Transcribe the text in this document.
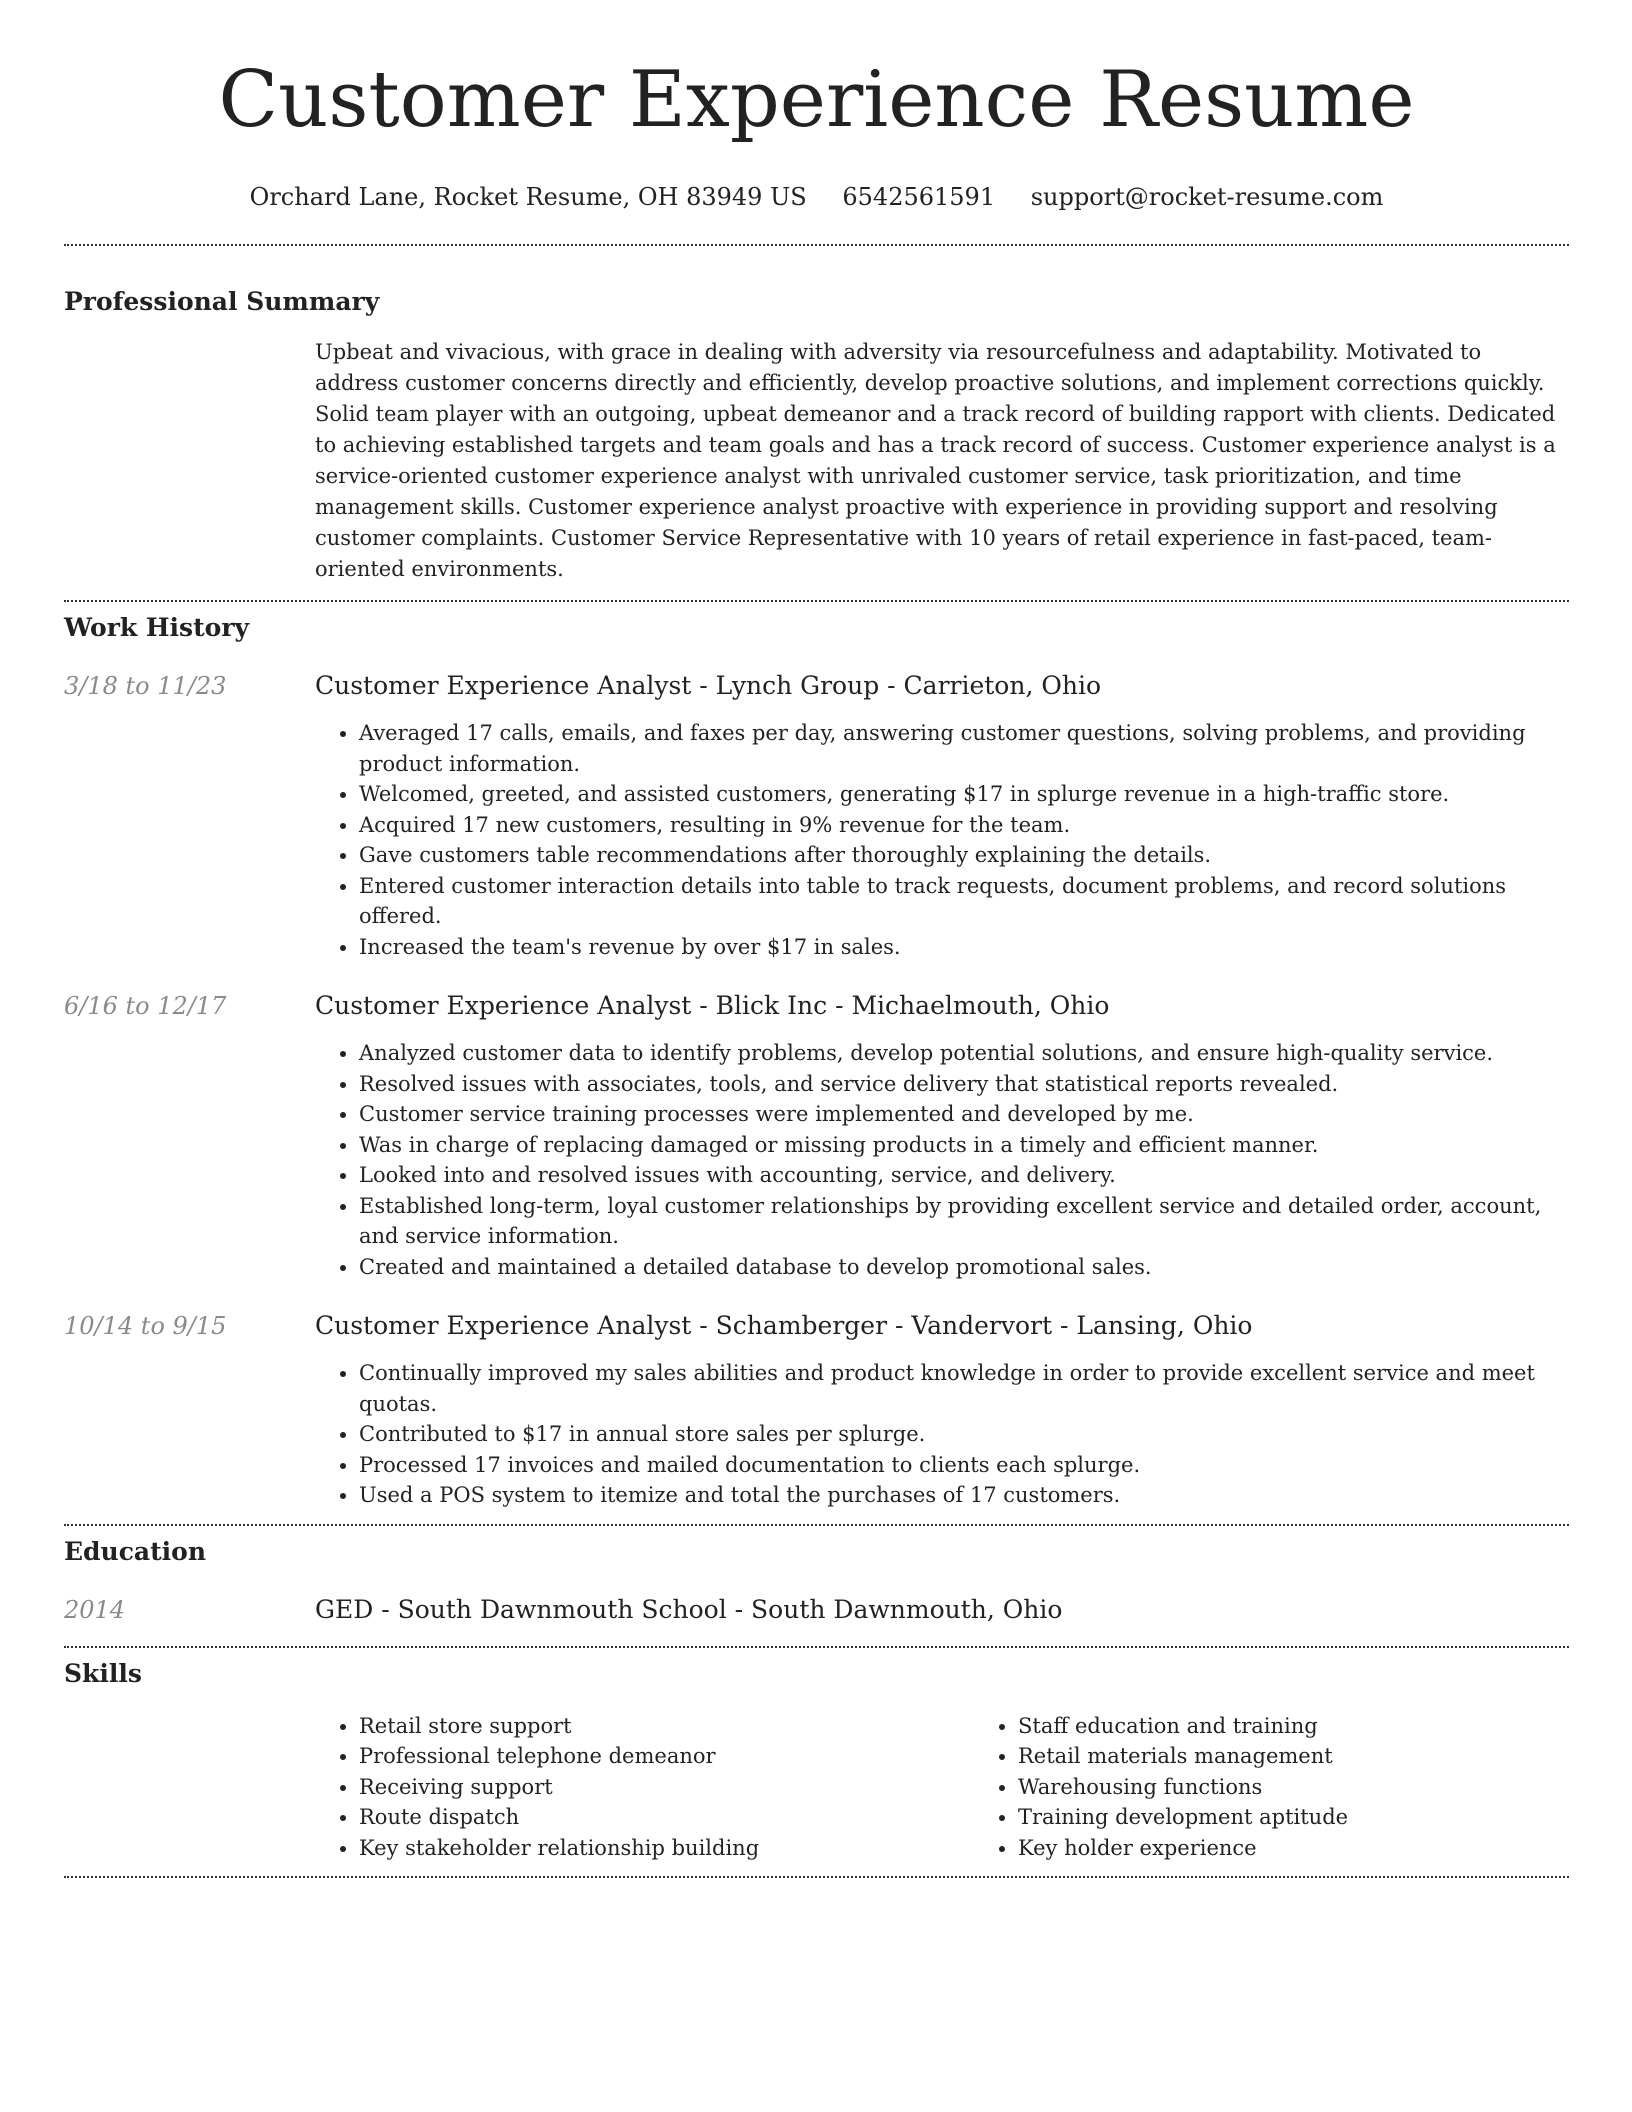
Customer Experience Resume
Orchard Lane, Rocket Resume, OH 83949 US 6542561591 support@rocket-resume.com
Professional Summary

Upbeat and vivacious, with grace in dealing with adversity via resourcefulness and adaptability. Motivated to address customer concerns directly and efficiently, develop proactive solutions, and implement corrections quickly. Solid team player with an outgoing, upbeat demeanor and a track record of building rapport with clients. Dedicated to achieving established targets and team goals and has a track record of success. Customer experience analyst is a service-oriented customer experience analyst with unrivaled customer service, task prioritization, and time management skills. Customer experience analyst proactive with experience in providing support and resolving customer complaints. Customer Service Representative with 10 years of retail experience in fast-paced, team-oriented environments.

Work History
3/18 to 11/23	Customer Experience Analyst - Lynch Group - Carrieton, Ohio
• Averaged 17 calls, emails, and faxes per day, answering customer questions, solving problems, and providing product information.
• Welcomed, greeted, and assisted customers, generating $17 in splurge revenue in a high-traffic store.
• Acquired 17 new customers, resulting in 9% revenue for the team.
• Gave customers table recommendations after thoroughly explaining the details.
• Entered customer interaction details into table to track requests, document problems, and record solutions offered.
• Increased the team's revenue by over $17 in sales.
6/16 to 12/17	Customer Experience Analyst - Blick Inc - Michaelmouth, Ohio
• Analyzed customer data to identify problems, develop potential solutions, and ensure high-quality service.
• Resolved issues with associates, tools, and service delivery that statistical reports revealed.
• Customer service training processes were implemented and developed by me.
• Was in charge of replacing damaged or missing products in a timely and efficient manner.
• Looked into and resolved issues with accounting, service, and delivery.
• Established long-term, loyal customer relationships by providing excellent service and detailed order, account, and service information.
• Created and maintained a detailed database to develop promotional sales.
10/14 to 9/15	Customer Experience Analyst - Schamberger - Vandervort - Lansing, Ohio
• Continually improved my sales abilities and product knowledge in order to provide excellent service and meet quotas.
• Contributed to $17 in annual store sales per splurge.
• Processed 17 invoices and mailed documentation to clients each splurge.
• Used a POS system to itemize and total the purchases of 17 customers.
Education
2014	GED - South Dawnmouth School - South Dawnmouth, Ohio
Skills
• Retail store support
• Professional telephone demeanor
• Receiving support
• Route dispatch
• Key stakeholder relationship building
• Staff education and training
• Retail materials management
• Warehousing functions
• Training development aptitude
• Key holder experience
